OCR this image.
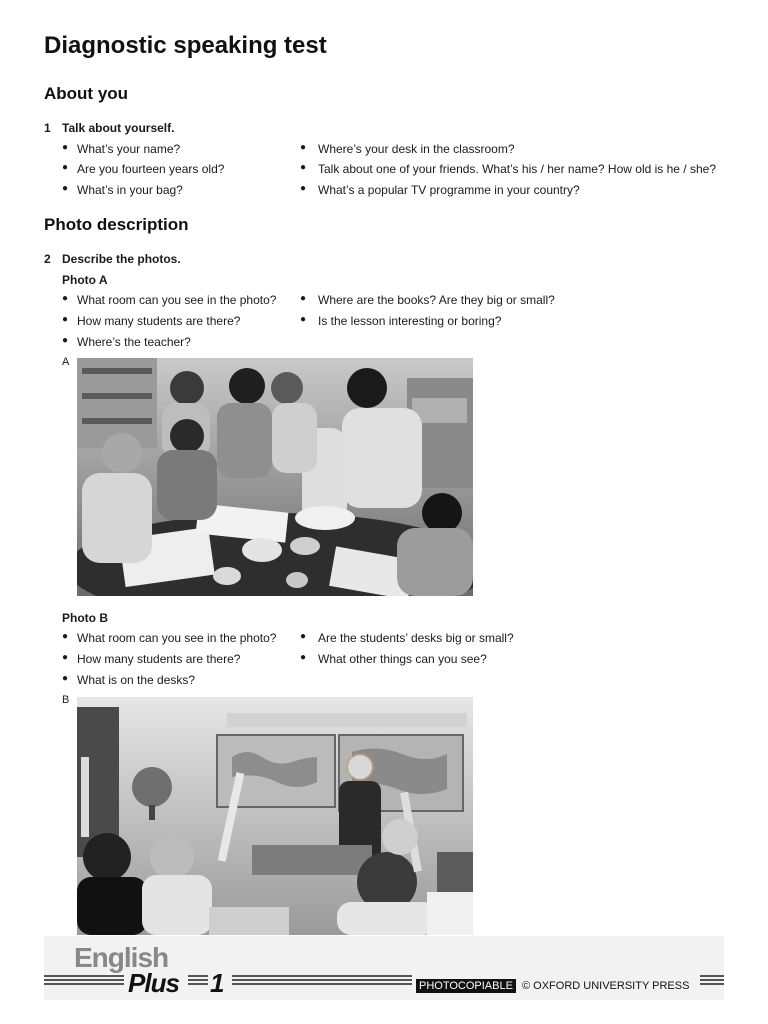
Diagnostic speaking test
About you
1 Talk about yourself.
● What’s your name?
● Are you fourteen years old?
● What’s in your bag?
● Where’s your desk in the classroom?
● Talk about one of your friends. What’s his / her name? How old is he / she?
● What’s a popular TV programme in your country?
Photo description
2 Describe the photos.
Photo A
● What room can you see in the photo?
● How many students are there?
● Where’s the teacher?
● Where are the books? Are they big or small?
● Is the lesson interesting or boring?
A
Photo B
● What room can you see in the photo?
● How many students are there?
● What is on the desks?
● Are the students’ desks big or small?
● What other things can you see?
B
English
Plus 1	PHOTOCOPIABLE © OXFORD UNIVERSITY PRESS
